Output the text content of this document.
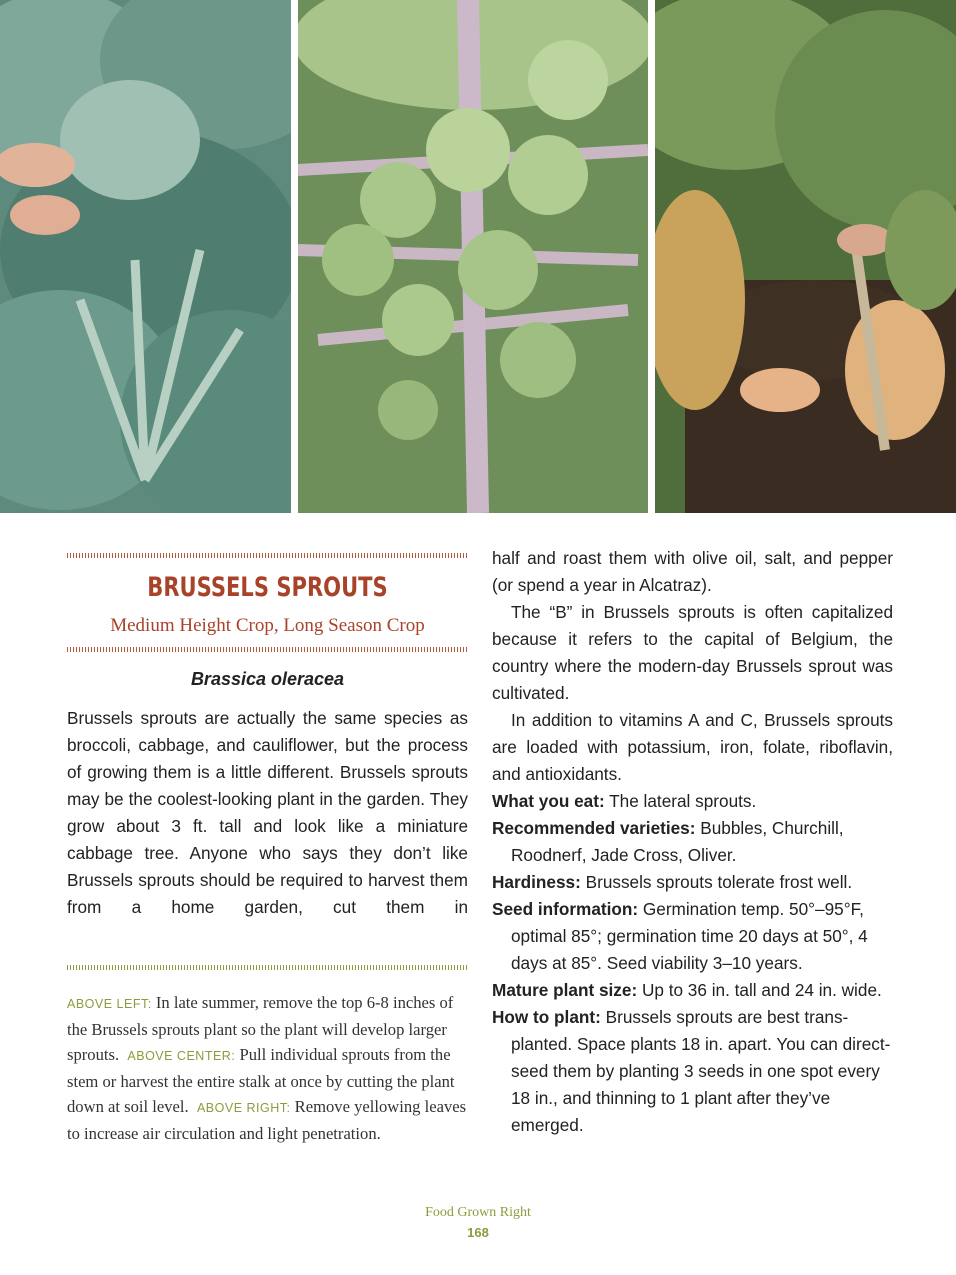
BRUSSELS SPROUTS
Medium Height Crop, Long Season Crop
Brassica oleracea

Brussels sprouts are actually the same species as broccoli, cabbage, and cauliflower, but the process of growing them is a little different. Brussels sprouts may be the coolest-looking plant in the garden. They grow about 3 ft. tall and look like a miniature cabbage tree. Anyone who says they don’t like Brussels sprouts should be required to harvest them from a home garden, cut them in

ABOVE LEFT: In late summer, remove the top 6-8 inches of the Brussels sprouts plant so the plant will develop larger sprouts. ABOVE CENTER: Pull individual sprouts from the stem or harvest the entire stalk at once by cutting the plant down at soil level. ABOVE RIGHT: Remove yellowing leaves to increase air circulation and light penetration.

half and roast them with olive oil, salt, and pepper (or spend a year in Alcatraz).

The “B” in Brussels sprouts is often capitalized because it refers to the capital of Belgium, the country where the modern-day Brussels sprout was cultivated.

In addition to vitamins A and C, Brussels sprouts are loaded with potassium, iron, folate, riboflavin, and antioxidants.

What you eat: The lateral sprouts.

Recommended varieties: Bubbles, Churchill, Roodnerf, Jade Cross, Oliver.

Hardiness: Brussels sprouts tolerate frost well.

Seed information: Germination temp. 50°–95°F, optimal 85°; germination time 20 days at 50°, 4 days at 85°. Seed viability 3–10 years.

Mature plant size: Up to 36 in. tall and 24 in. wide.

How to plant: Brussels sprouts are best transplanted. Space plants 18 in. apart. You can direct-seed them by planting 3 seeds in one spot every 18 in., and thinning to 1 plant after they’ve emerged.

Food Grown Right
168
